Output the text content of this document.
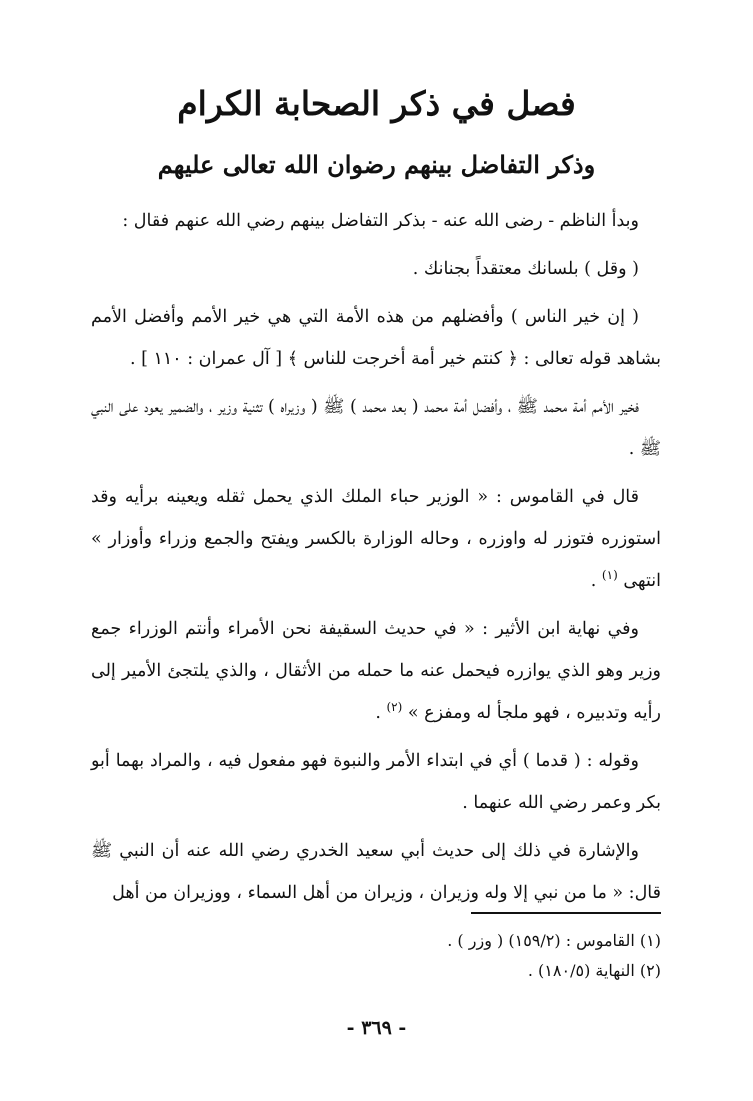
فصل في ذكر الصحابة الكرام
وذكر التفاضل بينهم رضوان الله تعالى عليهم

وبدأ الناظم - رضى الله عنه - بذكر التفاضل بينهم رضي الله عنهم فقال :

( وقل ) بلسانك معتقداً بجنانك .

( إن خير الناس ) وأفضلهم من هذه الأمة التي هي خير الأمم وأفضل الأمم بشاهد قوله تعالى : ﴿ كنتم خير أمة أخرجت للناس ﴾ [ آل عمران : ١١٠ ] .

فخير الأمم أمة محمد ﷺ ، وأفضل أمة محمد ( بعد محمد ) ﷺ ( وزيراه ) تثنية وزير ، والضمير يعود على النبي ﷺ .

قال في القاموس : « الوزير حباء الملك الذي يحمل ثقله ويعينه برأيه وقد استوزره فتوزر له واوزره ، وحاله الوزارة بالكسر ويفتح والجمع وزراء وأوزار » انتهى $^{(١)}$ .

وفي نهاية ابن الأثير : « في حديث السقيفة نحن الأمراء وأنتم الوزراء جمع وزير وهو الذي يوازره فيحمل عنه ما حمله من الأثقال ، والذي يلتجئ الأمير إلى رأيه وتدبيره ، فهو ملجأ له ومفزع » $^{(٢)}$ .

وقوله : ( قدما ) أي في ابتداء الأمر والنبوة فهو مفعول فيه ، والمراد بهما أبو بكر وعمر رضي الله عنهما .

والإشارة في ذلك إلى حديث أبي سعيد الخدري رضي الله عنه أن النبي ﷺ قال: « ما من نبي إلا وله وزيران ، وزيران من أهل السماء ، ووزيران من أهل

(١) القاموس : (١٥٩/٢) ( وزر ) .

(٢) النهاية (١٨٠/٥) .

- ٣٦٩ -
